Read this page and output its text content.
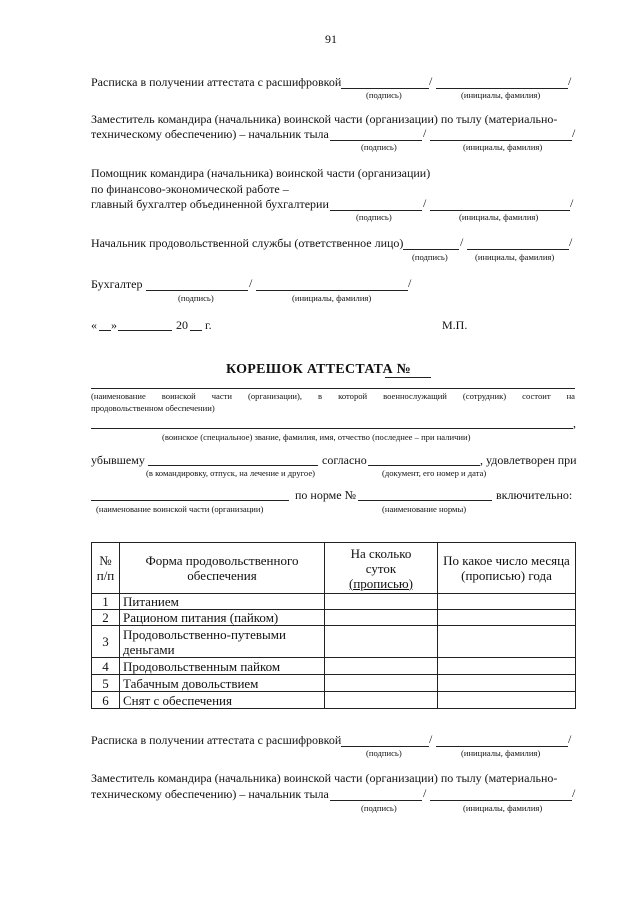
91
Расписка в получении аттестата с расшифровкой	/	/
(подпись)	(инициалы, фамилия)
Заместитель командира (начальника) воинской части (организации) по тылу (материально-
техническому обеспечению) – начальник тыла	/	/
(подпись)	(инициалы, фамилия)
Помощник командира (начальника) воинской части (организации)
по финансово-экономической работе –
главный бухгалтер объединенной бухгалтерии	/	/
(подпись)	(инициалы, фамилия)
Начальник продовольственной службы (ответственное лицо)	/	/
(подпись)	(инициалы, фамилия)
Бухгалтер	/	/
(подпись)	(инициалы, фамилия)
« »	20 г.	М.П.
КОРЕШОК АТТЕСТАТА №
(наименование воинской части (организации), в которой военнослужащий (сотрудник) состоит на
продовольственном обеспечении)
,
(воинское (специальное) звание, фамилия, имя, отчество (последнее – при наличии)
убывшему	согласно	, удовлетворен при
(в командировку, отпуск, на лечение и другое)	(документ, его номер и дата)
по норме №	включительно:
(наименование воинской части (организации)	(наименование нормы)
№ п/п	Форма продовольственного обеспечения	На сколько
суток
(прописью)	По какое число месяца (прописью) года
1	Питанием		
2	Рационом питания (пайком)		
3	Продовольственно-путевыми деньгами		
4	Продовольственным пайком		
5	Табачным довольствием		
6	Снят с обеспечения		
Расписка в получении аттестата с расшифровкой	/	/
(подпись)	(инициалы, фамилия)
Заместитель командира (начальника) воинской части (организации) по тылу (материально-
техническому обеспечению) – начальник тыла	/	/
(подпись)	(инициалы, фамилия)
